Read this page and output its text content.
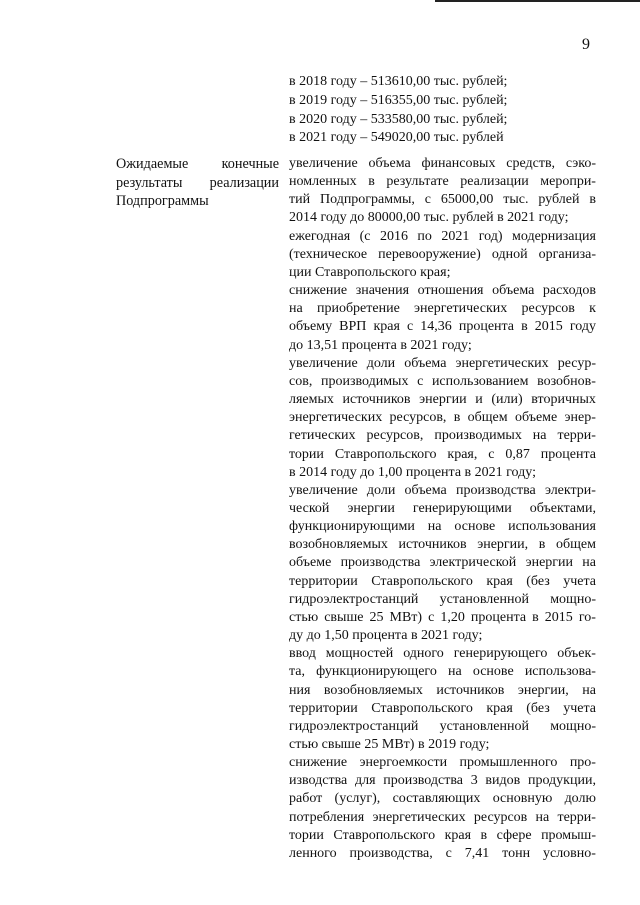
9
в 2018 году – 513610,00 тыс. рублей;
в 2019 году – 516355,00 тыс. рублей;
в 2020 году – 533580,00 тыс. рублей;
в 2021 году – 549020,00 тыс. рублей
Ожидаемые конечные
результаты реализации
Подпрограммы
увеличение объема финансовых средств, сэко-
номленных в результате реализации меропри-
тий Подпрограммы, с 65000,00 тыс. рублей в
2014 году до 80000,00 тыс. рублей в 2021 году;
ежегодная (с 2016 по 2021 год) модернизация
(техническое перевооружение) одной организа-
ции Ставропольского края;
снижение значения отношения объема расходов
на приобретение энергетических ресурсов к
объему ВРП края с 14,36 процента в 2015 году
до 13,51 процента в 2021 году;
увеличение доли объема энергетических ресур-
сов, производимых с использованием возобнов-
ляемых источников энергии и (или) вторичных
энергетических ресурсов, в общем объеме энер-
гетических ресурсов, производимых на терри-
тории Ставропольского края, с 0,87 процента
в 2014 году до 1,00 процента в 2021 году;
увеличение доли объема производства электри-
ческой энергии генерирующими объектами,
функционирующими на основе использования
возобновляемых источников энергии, в общем
объеме производства электрической энергии на
территории Ставропольского края (без учета
гидроэлектростанций установленной мощно-
стью свыше 25 МВт) с 1,20 процента в 2015 го-
ду до 1,50 процента в 2021 году;
ввод мощностей одного генерирующего объек-
та, функционирующего на основе использова-
ния возобновляемых источников энергии, на
территории Ставропольского края (без учета
гидроэлектростанций установленной мощно-
стью свыше 25 МВт) в 2019 году;
снижение энергоемкости промышленного про-
изводства для производства 3 видов продукции,
работ (услуг), составляющих основную долю
потребления энергетических ресурсов на терри-
тории Ставропольского края в сфере промыш-
ленного производства, с 7,41 тонн условно-
